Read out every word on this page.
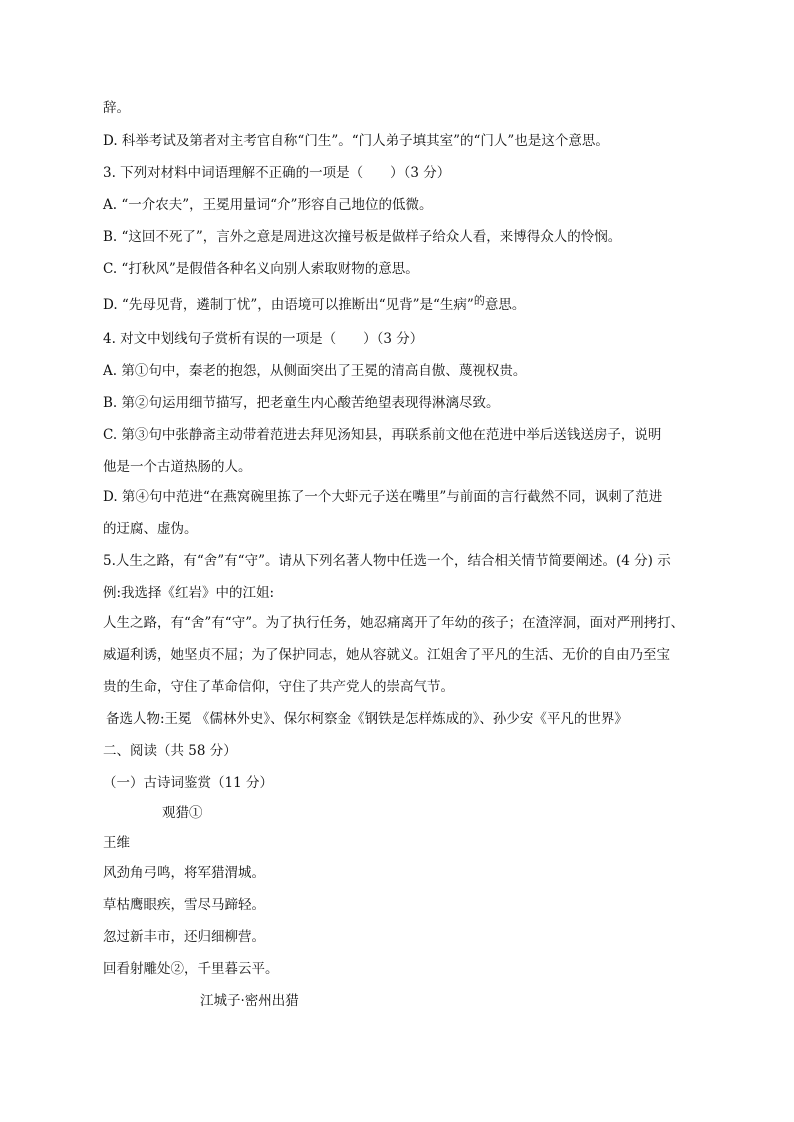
辞。
D. 科举考试及第者对主考官自称“门生”。“门人弟子填其室”的“门人”也是这个意思。
3. 下列对材料中词语理解不正确的一项是（　　）（3 分）
A. “一介农夫”，王冕用量词“介”形容自己地位的低微。
B. “这回不死了”，言外之意是周进这次撞号板是做样子给众人看，来博得众人的怜悯。
C. “打秋风”是假借各种名义向别人索取财物的意思。
D. “先母见背，遴制丁忧”，由语境可以推断出“见背”是“生病”$^的$意思。
4. 对文中划线句子赏析有误的一项是（　　）（3 分）
A. 第①句中，秦老的抱怨，从侧面突出了王冕的清高自傲、蔑视权贵。
B. 第②句运用细节描写，把老童生内心酸苦绝望表现得淋漓尽致。
C. 第③句中张静斋主动带着范进去拜见汤知县，再联系前文他在范进中举后送钱送房子，说明
他是一个古道热肠的人。
D. 第④句中范进“在燕窝碗里拣了一个大虾元子送在嘴里”与前面的言行截然不同，讽刺了范进
的迂腐、虚伪。
5.人生之路，有“舍”有“守”。请从下列名著人物中任选一个，结合相关情节简要阐述。(4 分) 示
例:我选择《红岩》中的江姐:
人生之路，有“舍”有“守”。为了执行任务，她忍痛离开了年幼的孩子；在渣滓洞，面对严刑拷打、
威逼利诱，她坚贞不屈；为了保护同志，她从容就义。江姐舍了平凡的生活、无价的自由乃至宝
贵的生命，守住了革命信仰，守住了共产党人的崇高气节。
备选人物:王冕 《儒林外史》、保尔柯察金《钢铁是怎样炼成的》、孙少安《平凡的世界》
二、阅读（共 58 分）
（一）古诗词鉴赏（11 分）
观猎①
王维
风劲角弓鸣，将军猎渭城。
草枯鹰眼疾，雪尽马蹄轻。
忽过新丰市，还归细柳营。
回看射雕处②，千里暮云平。
江城子·密州出猎
